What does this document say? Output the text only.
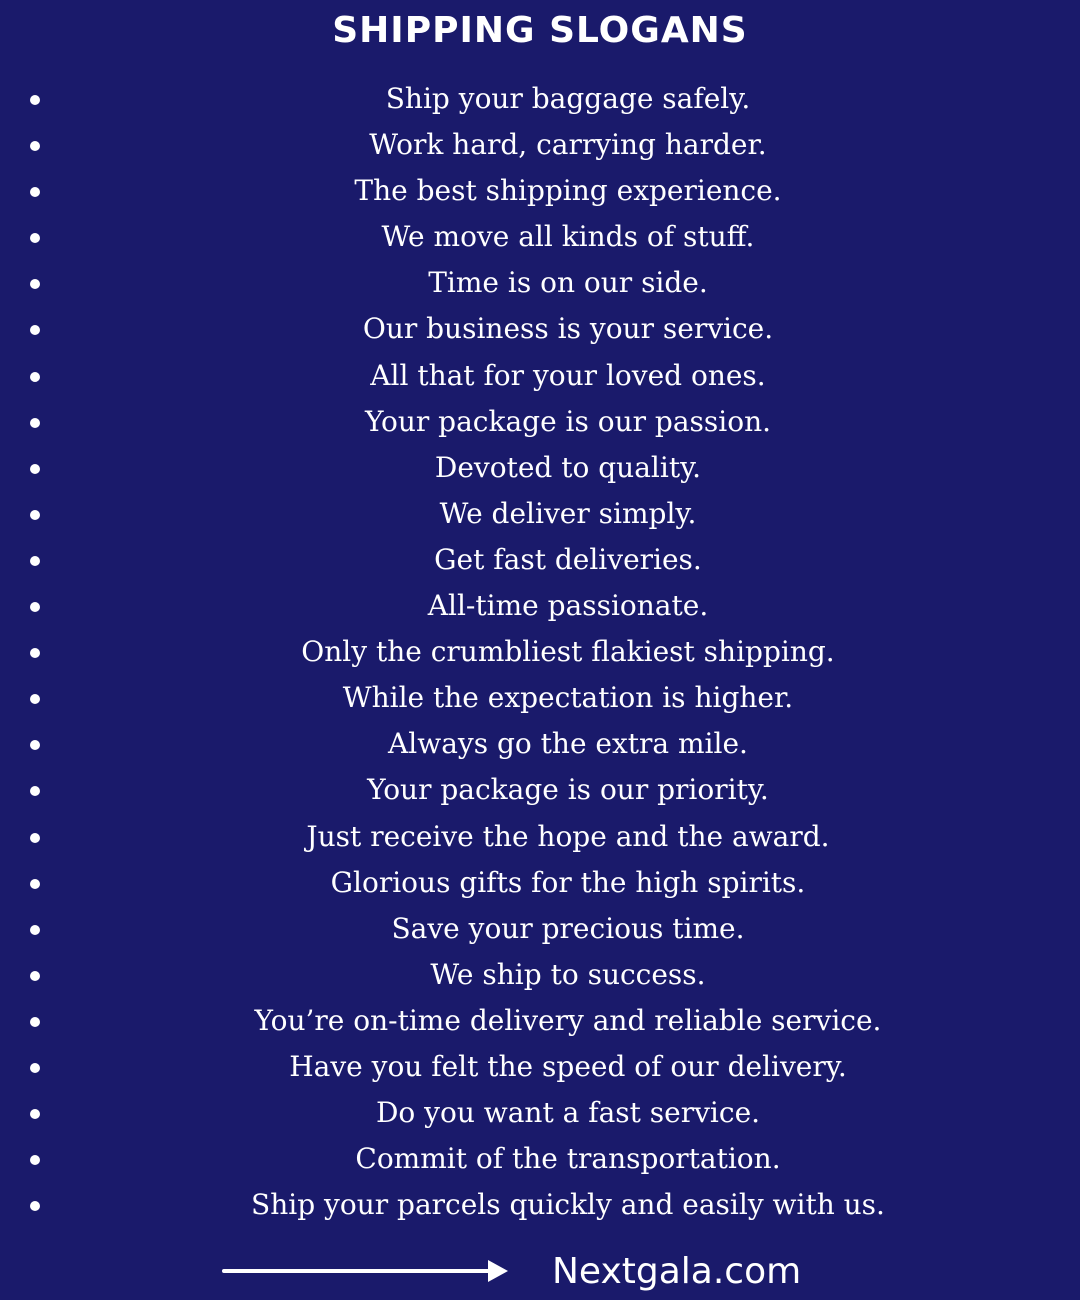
SHIPPING SLOGANS
Ship your baggage safely.
Work hard, carrying harder.
The best shipping experience.
We move all kinds of stuff.
Time is on our side.
Our business is your service.
All that for your loved ones.
Your package is our passion.
Devoted to quality.
We deliver simply.
Get fast deliveries.
All-time passionate.
Only the crumbliest flakiest shipping.
While the expectation is higher.
Always go the extra mile.
Your package is our priority.
Just receive the hope and the award.
Glorious gifts for the high spirits.
Save your precious time.
We ship to success.
You’re on-time delivery and reliable service.
Have you felt the speed of our delivery.
Do you want a fast service.
Commit of the transportation.
Ship your parcels quickly and easily with us.
Nextgala.com
